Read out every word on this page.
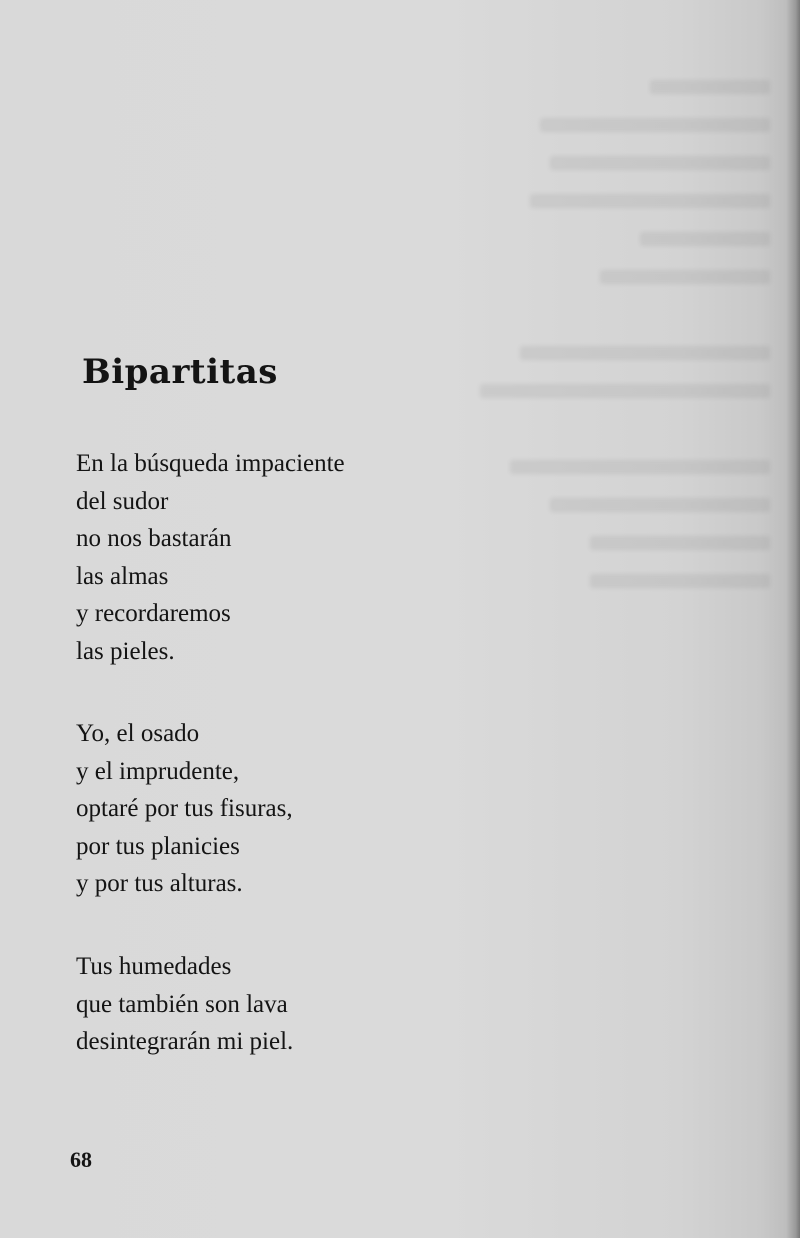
Bipartitas

En la búsqueda impaciente
del sudor
no nos bastarán
las almas
y recordaremos
las pieles.

Yo, el osado
y el imprudente,
optaré por tus fisuras,
por tus planicies
y por tus alturas.

Tus humedades
que también son lava
desintegrarán mi piel.

68
